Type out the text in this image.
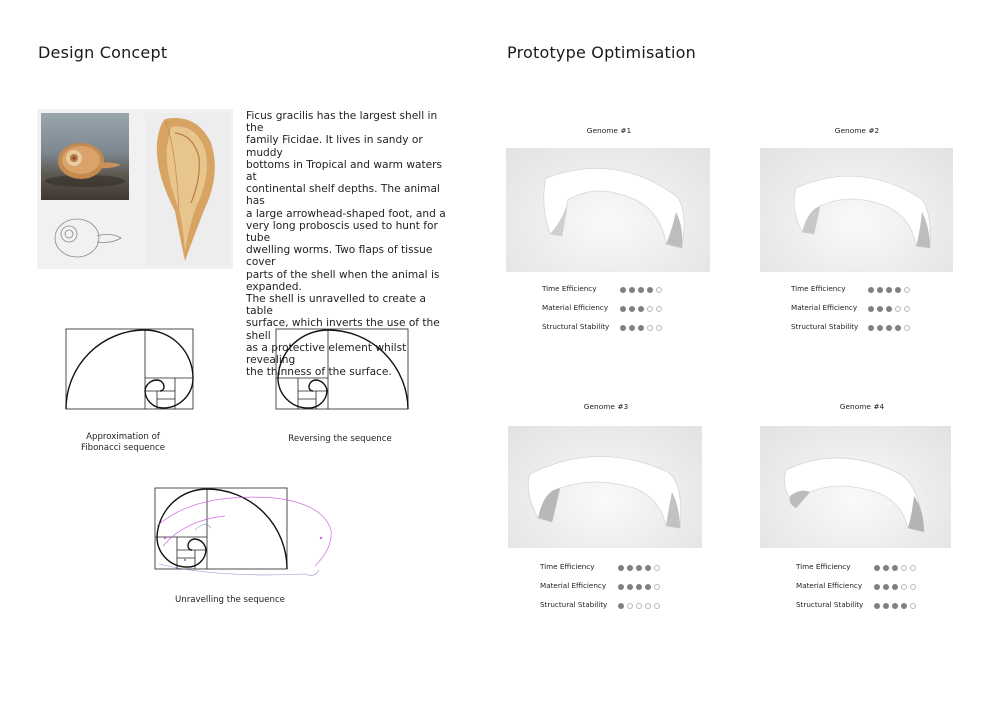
Design Concept
Ficus gracilis has the largest shell in the
family Ficidae. It lives in sandy or muddy
bottoms in Tropical and warm waters at
continental shelf depths. The animal has
a large arrowhead-shaped foot, and a
very long proboscis used to hunt for tube
dwelling worms. Two flaps of tissue cover
parts of the shell when the animal is
expanded.
The shell is unravelled to create a table
surface, which inverts the use of the shell
as a protective element whilst revealing
the thinness of the surface.
Approximation of
Fibonacci sequence
Reversing the sequence
Unravelling the sequence
Prototype Optimisation
Genome #1
Time Efficiency
Material Efficiency
Structural Stability
Genome #2
Time Efficiency
Material Efficiency
Structural Stability
Genome #3
Time Efficiency
Material Efficiency
Structural Stability
Genome #4
Time Efficiency
Material Efficiency
Structural Stability
